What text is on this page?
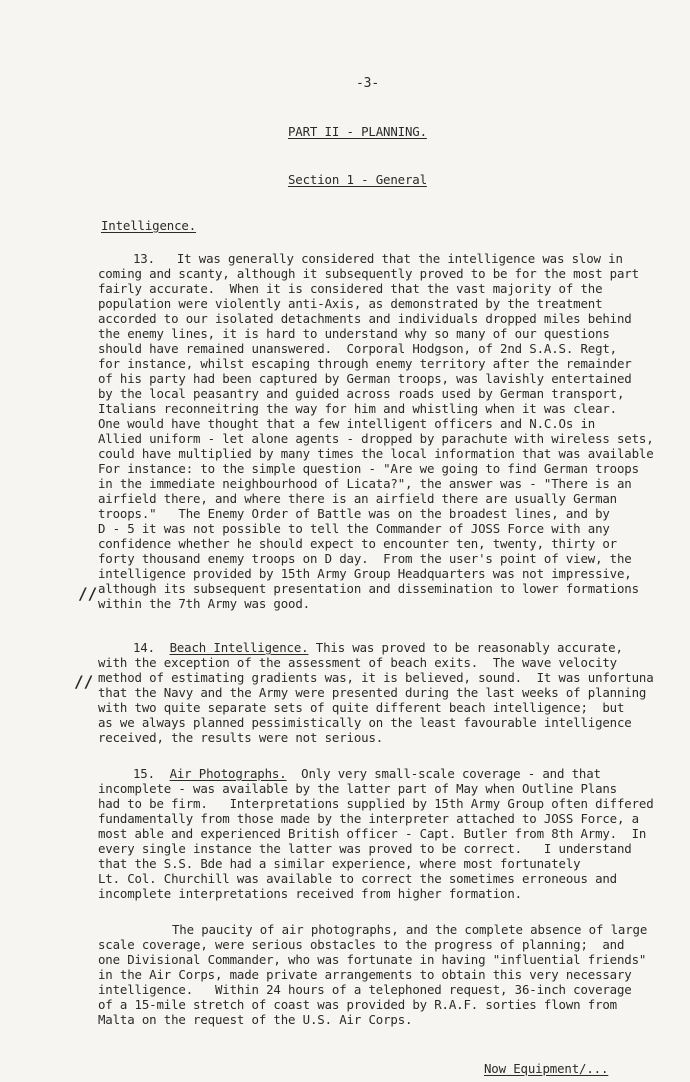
-3-
PART II - PLANNING.
Section 1 - General
Intelligence.
13.   It was generally considered that the intelligence was slow in
coming and scanty, although it subsequently proved to be for the most part
fairly accurate.  When it is considered that the vast majority of the
population were violently anti-Axis, as demonstrated by the treatment
accorded to our isolated detachments and individuals dropped miles behind
the enemy lines, it is hard to understand why so many of our questions
should have remained unanswered.  Corporal Hodgson, of 2nd S.A.S. Regt,
for instance, whilst escaping through enemy territory after the remainder
of his party had been captured by German troops, was lavishly entertained
by the local peasantry and guided across roads used by German transport,
Italians reconneitring the way for him and whistling when it was clear.
One would have thought that a few intelligent officers and N.C.Os in
Allied uniform - let alone agents - dropped by parachute with wireless sets,
could have multiplied by many times the local information that was available
For instance: to the simple question - "Are we going to find German troops
in the immediate neighbourhood of Licata?", the answer was - "There is an
airfield there, and where there is an airfield there are usually German
troops."   The Enemy Order of Battle was on the broadest lines, and by
D - 5 it was not possible to tell the Commander of JOSS Force with any
confidence whether he should expect to encounter ten, twenty, thirty or
forty thousand enemy troops on D day.  From the user's point of view, the
intelligence provided by 15th Army Group Headquarters was not impressive,
although its subsequent presentation and dissemination to lower formations
within the 7th Army was good.
//
14. Beach Intelligence. This was proved to be reasonably accurate,
with the exception of the assessment of beach exits.  The wave velocity
method of estimating gradients was, it is believed, sound.  It was unfortuna
that the Navy and the Army were presented during the last weeks of planning
with two quite separate sets of quite different beach intelligence;  but
as we always planned pessimistically on the least favourable intelligence
received, the results were not serious.
//
15. Air Photographs.  Only very small-scale coverage - and that
incomplete - was available by the latter part of May when Outline Plans
had to be firm.   Interpretations supplied by 15th Army Group often differed
fundamentally from those made by the interpreter attached to JOSS Force, a
most able and experienced British officer - Capt. Butler from 8th Army.  In
every single instance the latter was proved to be correct.   I understand
that the S.S. Bde had a similar experience, where most fortunately
Lt. Col. Churchill was available to correct the sometimes erroneous and
incomplete interpretations received from higher formation.
The paucity of air photographs, and the complete absence of large
scale coverage, were serious obstacles to the progress of planning;  and
one Divisional Commander, who was fortunate in having "influential friends"
in the Air Corps, made private arrangements to obtain this very necessary
intelligence.   Within 24 hours of a telephoned request, 36-inch coverage
of a 15-mile stretch of coast was provided by R.A.F. sorties flown from
Malta on the request of the U.S. Air Corps.
Now Equipment/...
